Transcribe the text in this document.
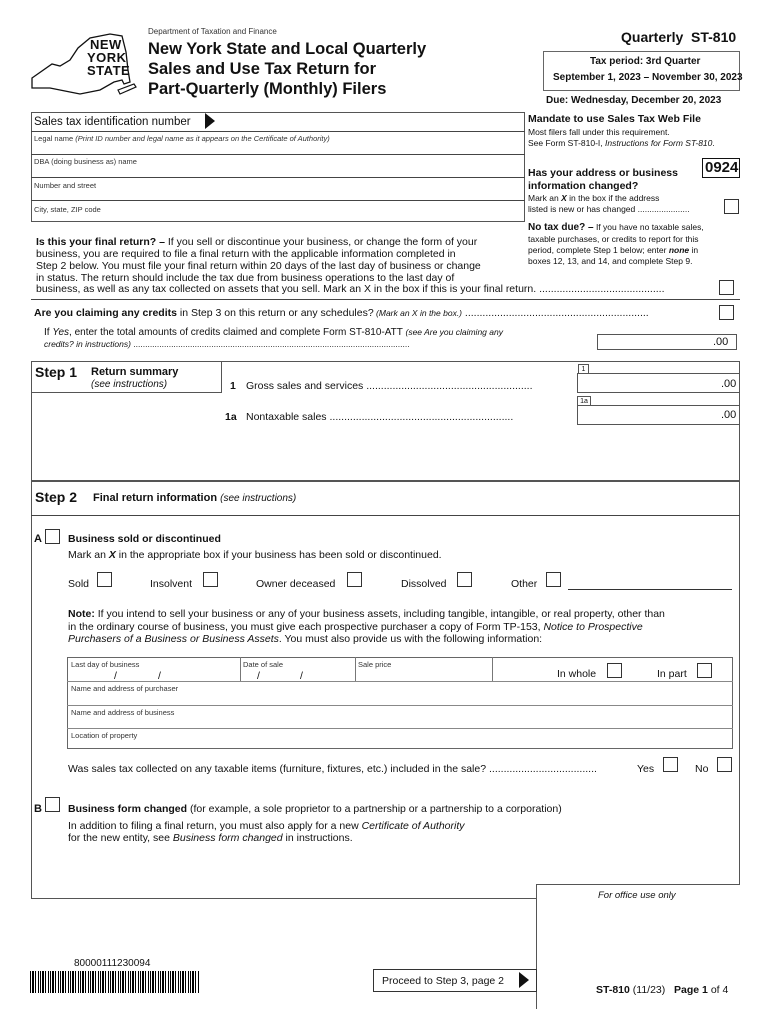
NEW
YORK
STATE
Department of Taxation and Finance
New York State and Local Quarterly
Sales and Use Tax Return for
Part-Quarterly (Monthly) Filers
Quarterly ST-810
Tax period: 3rd Quarter
September 1, 2023 – November 30, 2023
Due: Wednesday, December 20, 2023
Sales tax identification number
Legal name (Print ID number and legal name as it appears on the Certificate of Authority)
DBA (doing business as) name
Number and street
City, state, ZIP code
Mandate to use Sales Tax Web File
Most filers fall under this requirement.
See Form ST-810-I, Instructions for Form ST-810.
0924
Has your address or business
information changed?
Mark an X in the box if the address
listed is new or has changed ......................
No tax due? – If you have no taxable sales,
taxable purchases, or credits to report for this
period, complete Step 1 below; enter none in
boxes 12, 13, and 14, and complete Step 9.
Is this your final return? – If you sell or discontinue your business, or change the form of your
business, you are required to file a final return with the applicable information completed in
Step 2 below. You must file your final return within 20 days of the last day of business or change
in status. The return should include the tax due from business operations to the last day of
business, as well as any tax collected on assets that you sell. Mark an X in the box if this is your final return. ...........................................
Are you claiming any credits in Step 3 on this return or any schedules? (Mark an X in the box.) ...............................................................
If Yes, enter the total amounts of credits claimed and complete Form ST-810-ATT (see Are you claiming any
credits? in instructions) .....................................................................................................................	.00
Step 1 Return summary
(see instructions)	1 Gross sales and services .........................................................
1
.00
1a Nontaxable sales ...............................................................
1a
.00
Step 2 Final return information (see instructions)
A Business sold or discontinued
Mark an X in the appropriate box if your business has been sold or discontinued.
Sold	Insolvent	Owner deceased	Dissolved	Other
Note: If you intend to sell your business or any of your business assets, including tangible, intangible, or real property, other than
in the ordinary course of business, you must give each prospective purchaser a copy of Form TP-153, Notice to Prospective
Purchasers of a Business or Business Assets. You must also provide us with the following information:
Last day of business
/	/
Date of sale
/	/
Sale price
In whole	In part
Name and address of purchaser
Name and address of business
Location of property
Was sales tax collected on any taxable items (furniture, fixtures, etc.) included in the sale? .....................................	Yes	No
B Business form changed (for example, a sole proprietor to a partnership or a partnership to a corporation)
In addition to filing a final return, you must also apply for a new Certificate of Authority
for the new entity, see Business form changed in instructions.
For office use only
80000111230094
Proceed to Step 3, page 2
ST-810 (11/23) Page 1 of 4
